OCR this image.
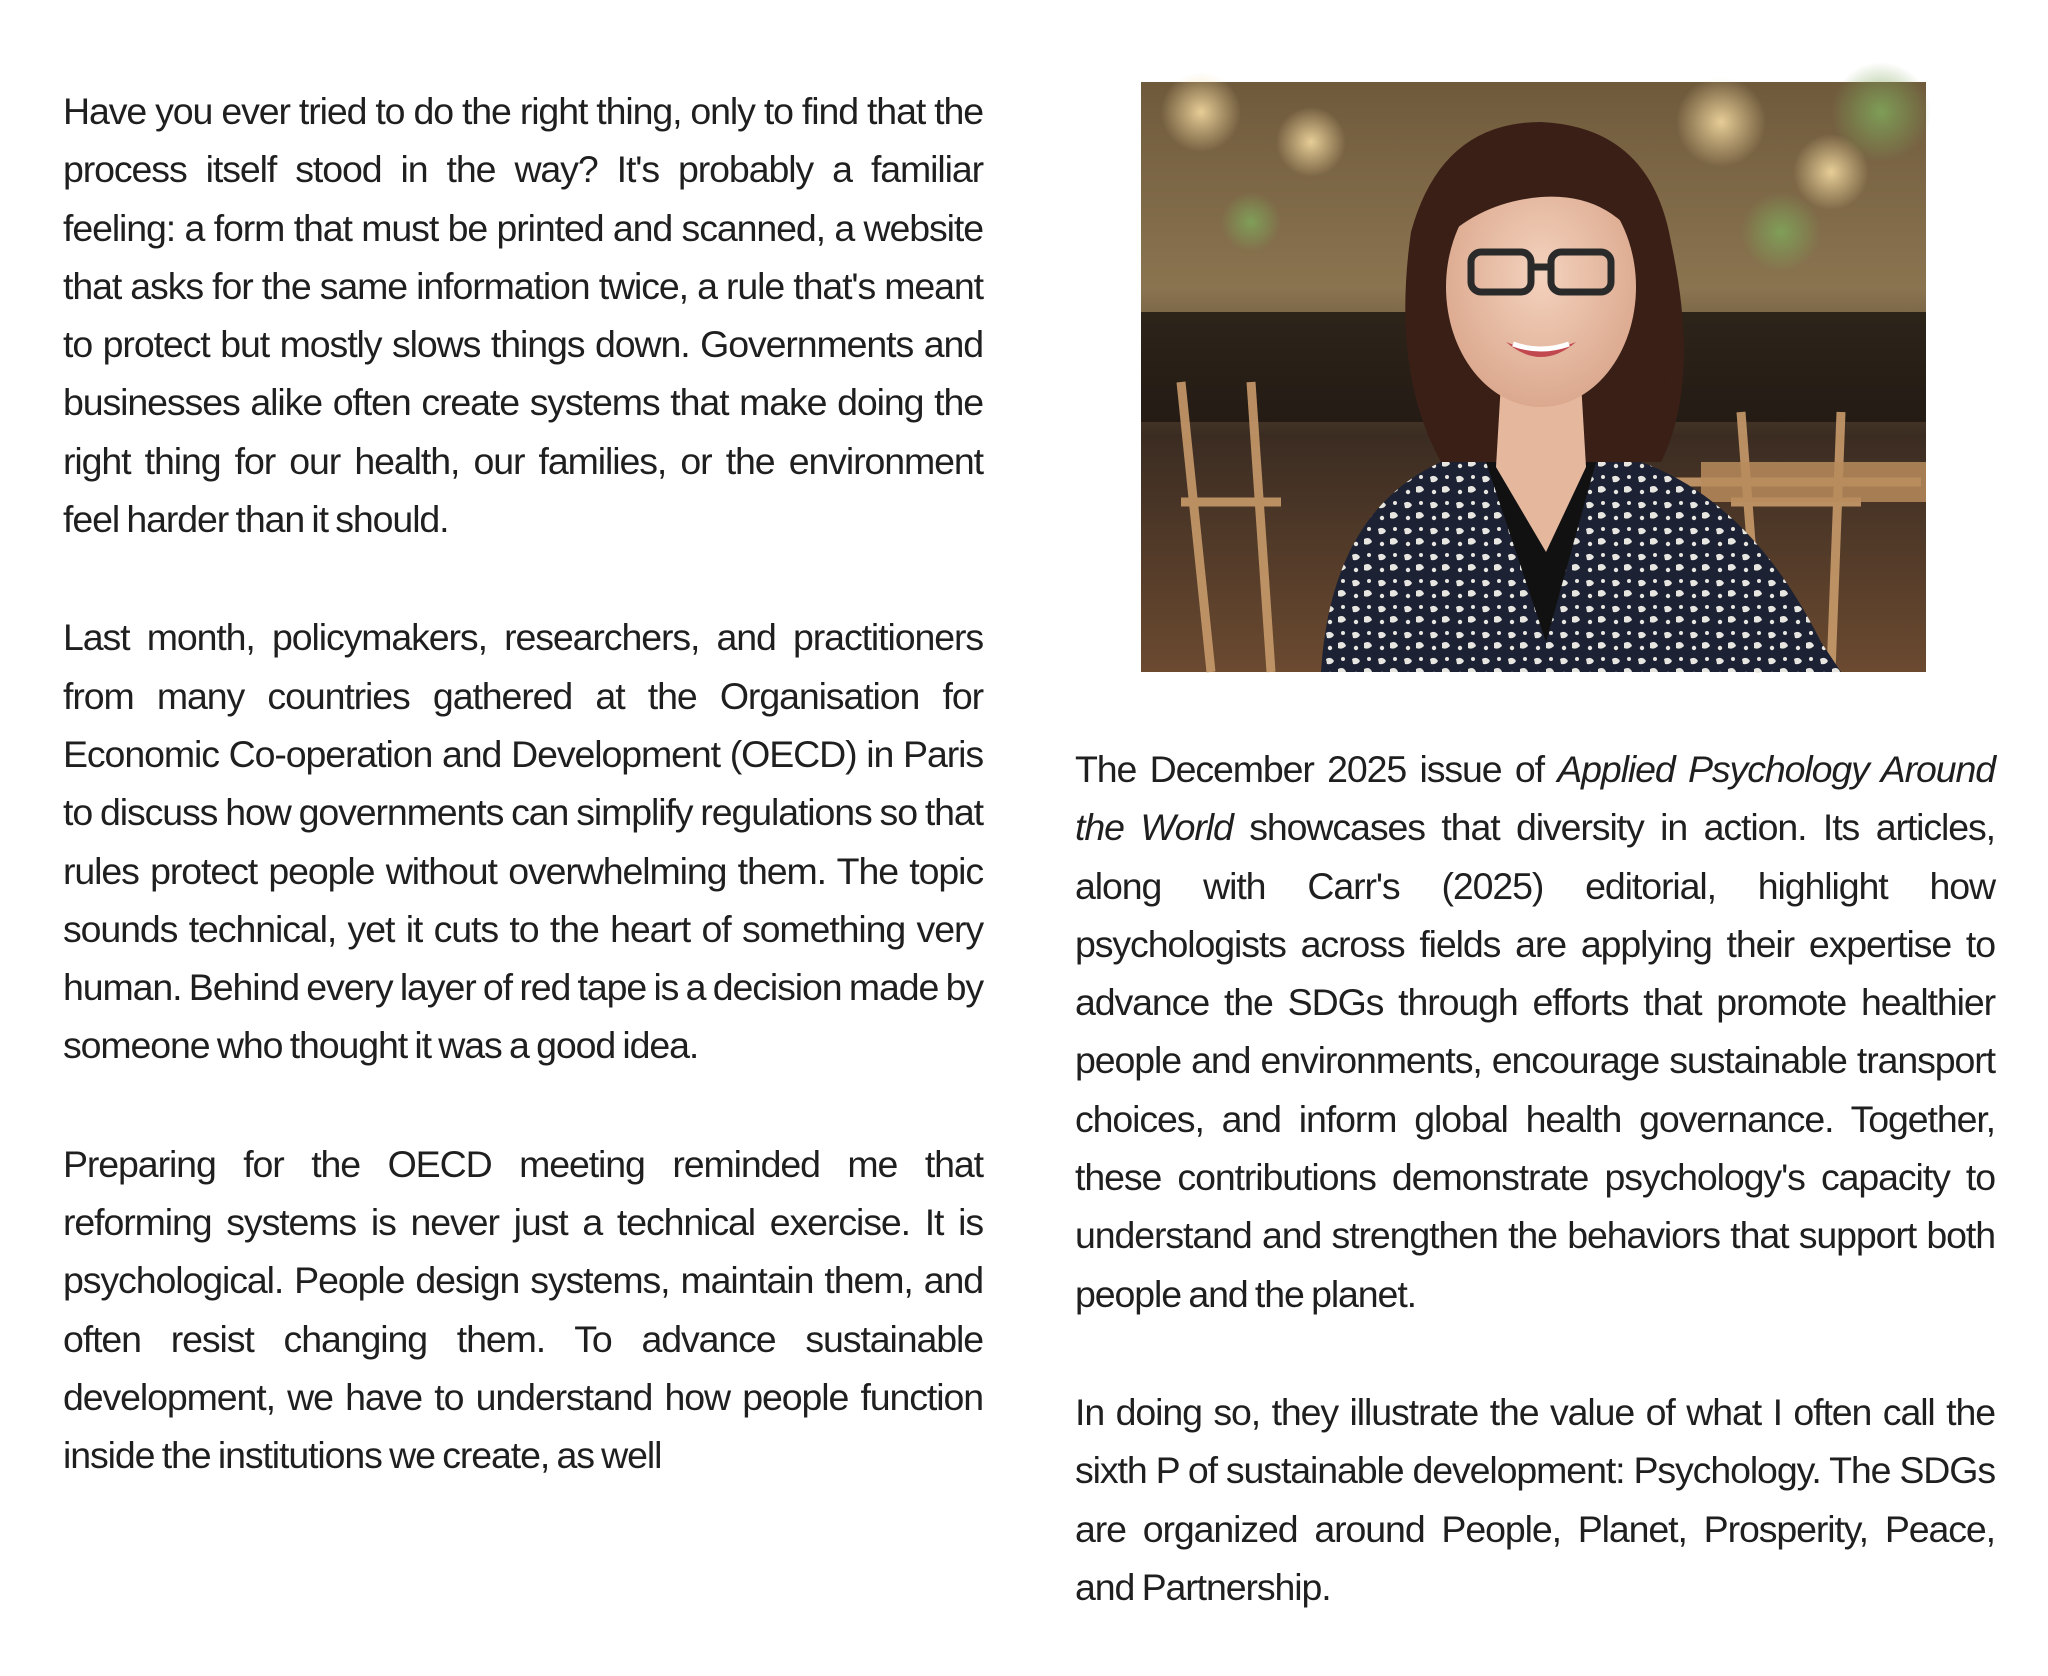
Have you ever tried to do the right thing, only to find that the process itself stood in the way? It's probably a familiar feeling: a form that must be printed and scanned, a website that asks for the same information twice, a rule that's meant to protect but mostly slows things down. Governments and businesses alike often create systems that make doing the right thing for our health, our families, or the environment feel harder than it should.

Last month, policymakers, researchers, and practitioners from many countries gathered at the Organisation for Economic Co-operation and Development (OECD) in Paris to discuss how governments can simplify regulations so that rules protect people without overwhelming them. The topic sounds technical, yet it cuts to the heart of something very human. Behind every layer of red tape is a decision made by someone who thought it was a good idea.

Preparing for the OECD meeting reminded me that reforming systems is never just a technical exercise. It is psychological. People design systems, maintain them, and often resist changing them. To advance sustainable development, we have to understand how people function inside the institutions we create, as well

The December 2025 issue of Applied Psychology Around the World showcases that diversity in action. Its articles, along with Carr's (2025) editorial, highlight how psychologists across fields are applying their expertise to advance the SDGs through efforts that promote healthier people and environments, encourage sustainable transport choices, and inform global health governance. Together, these contributions demonstrate psychology's capacity to understand and strengthen the behaviors that support both people and the planet.

In doing so, they illustrate the value of what I often call the sixth P of sustainable development: Psychology. The SDGs are organized around People, Planet, Prosperity, Peace, and Partnership.
